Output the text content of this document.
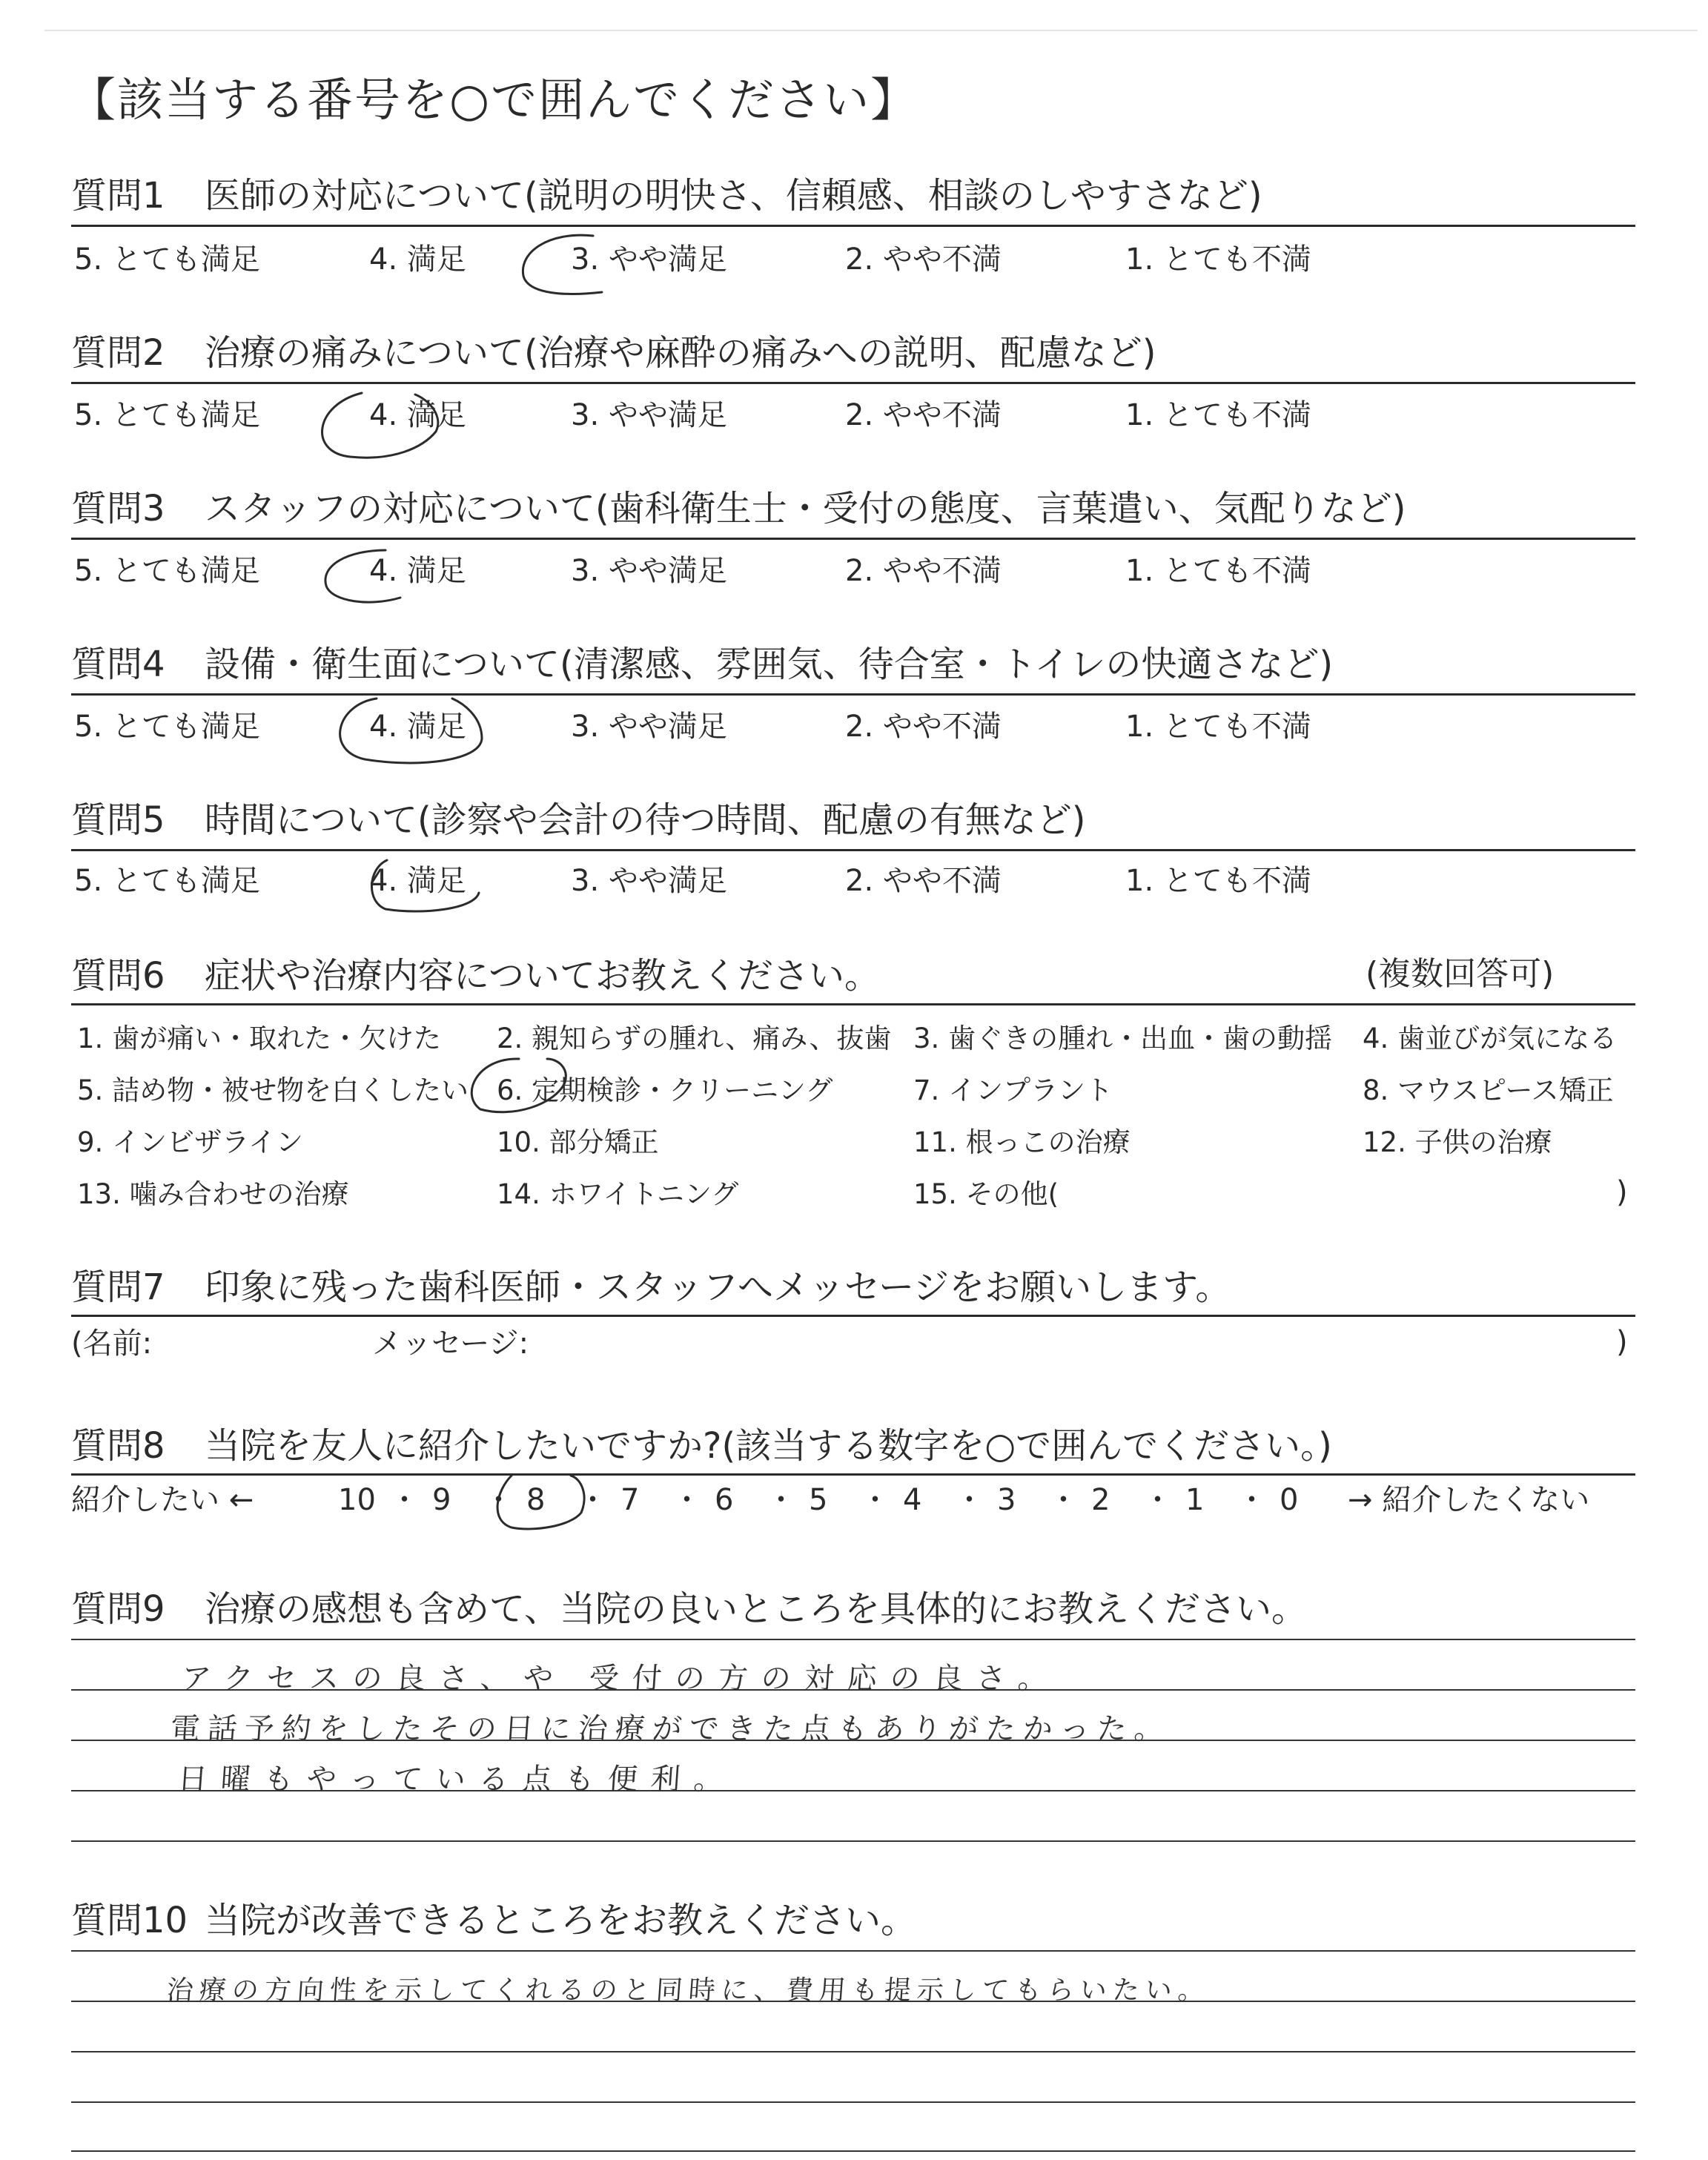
【該当する番号を○で囲んでください】
質問1 医師の対応について(説明の明快さ、信頼感、相談のしやすさなど)
5. とても満足	4. 満足	3. やや満足	2. やや不満	1. とても不満
質問2 治療の痛みについて(治療や麻酔の痛みへの説明、配慮など)
5. とても満足	4. 満足	3. やや満足	2. やや不満	1. とても不満
質問3 スタッフの対応について(歯科衛生士・受付の態度、言葉遣い、気配りなど)
5. とても満足	4. 満足	3. やや満足	2. やや不満	1. とても不満
質問4 設備・衛生面について(清潔感、雰囲気、待合室・トイレの快適さなど)
5. とても満足	4. 満足	3. やや満足	2. やや不満	1. とても不満
質問5 時間について(診察や会計の待つ時間、配慮の有無など)
5. とても満足	4. 満足	3. やや満足	2. やや不満	1. とても不満
質問6 症状や治療内容についてお教えください。	(複数回答可)
1. 歯が痛い・取れた・欠けた 2. 親知らずの腫れ、痛み、抜歯 3. 歯ぐきの腫れ・出血・歯の動揺 4. 歯並びが気になる
5. 詰め物・被せ物を白くしたい 6. 定期検診・クリーニング	7. インプラント	8. マウスピース矯正
9. インビザライン	10. 部分矯正	11. 根っこの治療	12. 子供の治療
13. 噛み合わせの治療	14. ホワイトニング	15. その他(	)
質問7 印象に残った歯科医師・スタッフへメッセージをお願いします。
(名前:	メッセージ:	)
質問8 当院を友人に紹介したいですか?(該当する数字を○で囲んでください。)
紹介したい ←	→ 紹介したくない
10 ・ 9 ・ 8 ・ 7 ・ 6 ・ 5 ・ 4 ・ 3 ・ 2 ・ 1 ・ 0
質問9 治療の感想も含めて、当院の良いところを具体的にお教えください。
アクセスの良さ、や 受付の方の対応の良さ。
電話予約をしたその日に治療ができた点もありがたかった。
日曜もやっている点も便利。
質問10 当院が改善できるところをお教えください。
治療の方向性を示してくれるのと同時に、費用も提示してもらいたい。
